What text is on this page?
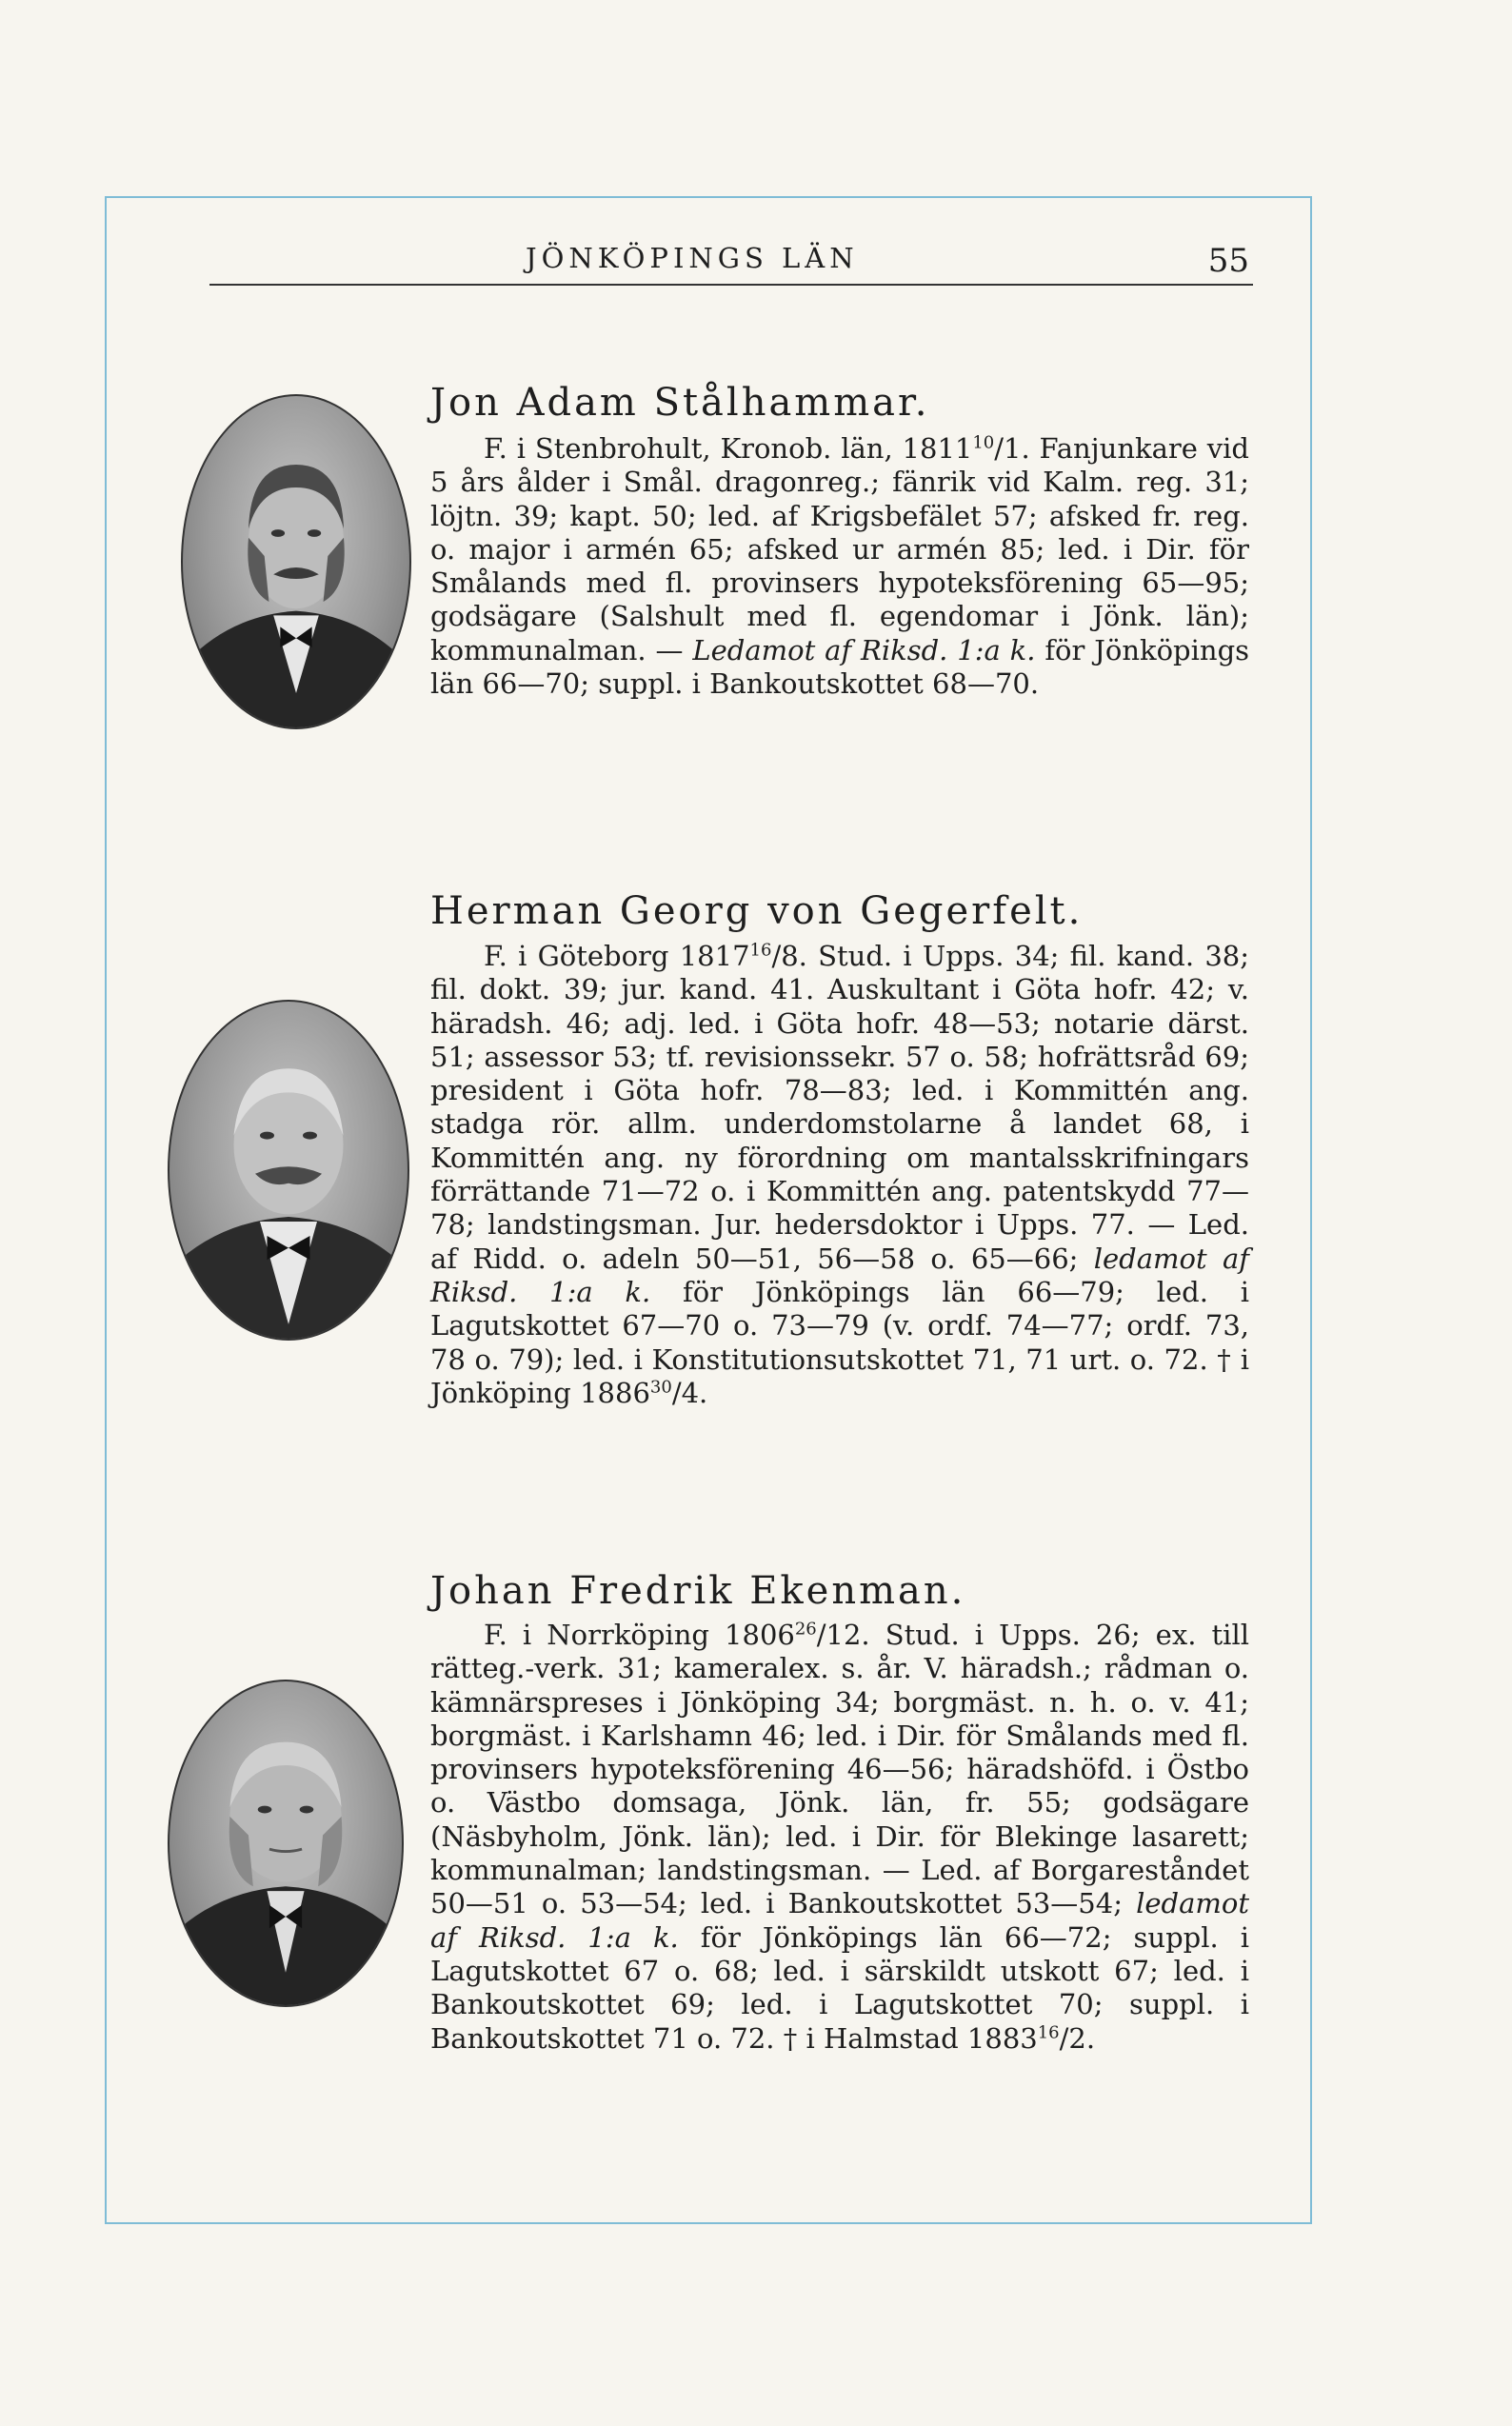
JÖNKÖPINGS LÄN	55
Jon Adam Stålhammar.
F. i Stenbrohult, Kronob. län, 1811$^{10}$/1. Fanjunkare vid 5 års ålder i Smål. dragonreg.; fänrik vid Kalm. reg. 31; löjtn. 39; kapt. 50; led. af Krigsbefälet 57; afsked fr. reg. o. major i armén 65; afsked ur armén 85; led. i Dir. för Smålands med fl. provinsers hypoteksförening 65—95; godsägare (Salshult med fl. egendomar i Jönk. län); kommunalman. — Ledamot af Riksd. 1:a k. för Jönköpings län 66—70; suppl. i Bankoutskottet 68—70.
Herman Georg von Gegerfelt.
F. i Göteborg 1817$^{16}$/8. Stud. i Upps. 34; fil. kand. 38; fil. dokt. 39; jur. kand. 41. Auskultant i Göta hofr. 42; v. häradsh. 46; adj. led. i Göta hofr. 48—53; notarie därst. 51; assessor 53; tf. revisionssekr. 57 o. 58; hofrättsråd 69; president i Göta hofr. 78—83; led. i Kommittén ang. stadga rör. allm. underdomstolarne å landet 68, i Kommittén ang. ny förordning om mantalsskrifningars förrättande 71—72 o. i Kommittén ang. patentskydd 77—78; landstingsman. Jur. hedersdoktor i Upps. 77. — Led. af Ridd. o. adeln 50—51, 56—58 o. 65—66; ledamot af Riksd. 1:a k. för Jönköpings län 66—79; led. i Lagutskottet 67—70 o. 73—79 (v. ordf. 74—77; ordf. 73, 78 o. 79); led. i Konstitutionsutskottet 71, 71 urt. o. 72. † i Jönköping 1886$^{30}$/4.
Johan Fredrik Ekenman.
F. i Norrköping 1806$^{26}$/12. Stud. i Upps. 26; ex. till rätteg.-verk. 31; kameralex. s. år. V. häradsh.; rådman o. kämnärspreses i Jönköping 34; borgmäst. n. h. o. v. 41; borgmäst. i Karlshamn 46; led. i Dir. för Smålands med fl. provinsers hypoteksförening 46—56; häradshöfd. i Östbo o. Västbo domsaga, Jönk. län, fr. 55; godsägare (Näsbyholm, Jönk. län); led. i Dir. för Blekinge lasarett; kommunalman; landstingsman. — Led. af Borgareståndet 50—51 o. 53—54; led. i Bankoutskottet 53—54; ledamot af Riksd. 1:a k. för Jönköpings län 66—72; suppl. i Lagutskottet 67 o. 68; led. i särskildt utskott 67; led. i Bankoutskottet 69; led. i Lagutskottet 70; suppl. i Bankoutskottet 71 o. 72. † i Halmstad 1883$^{16}$/2.
